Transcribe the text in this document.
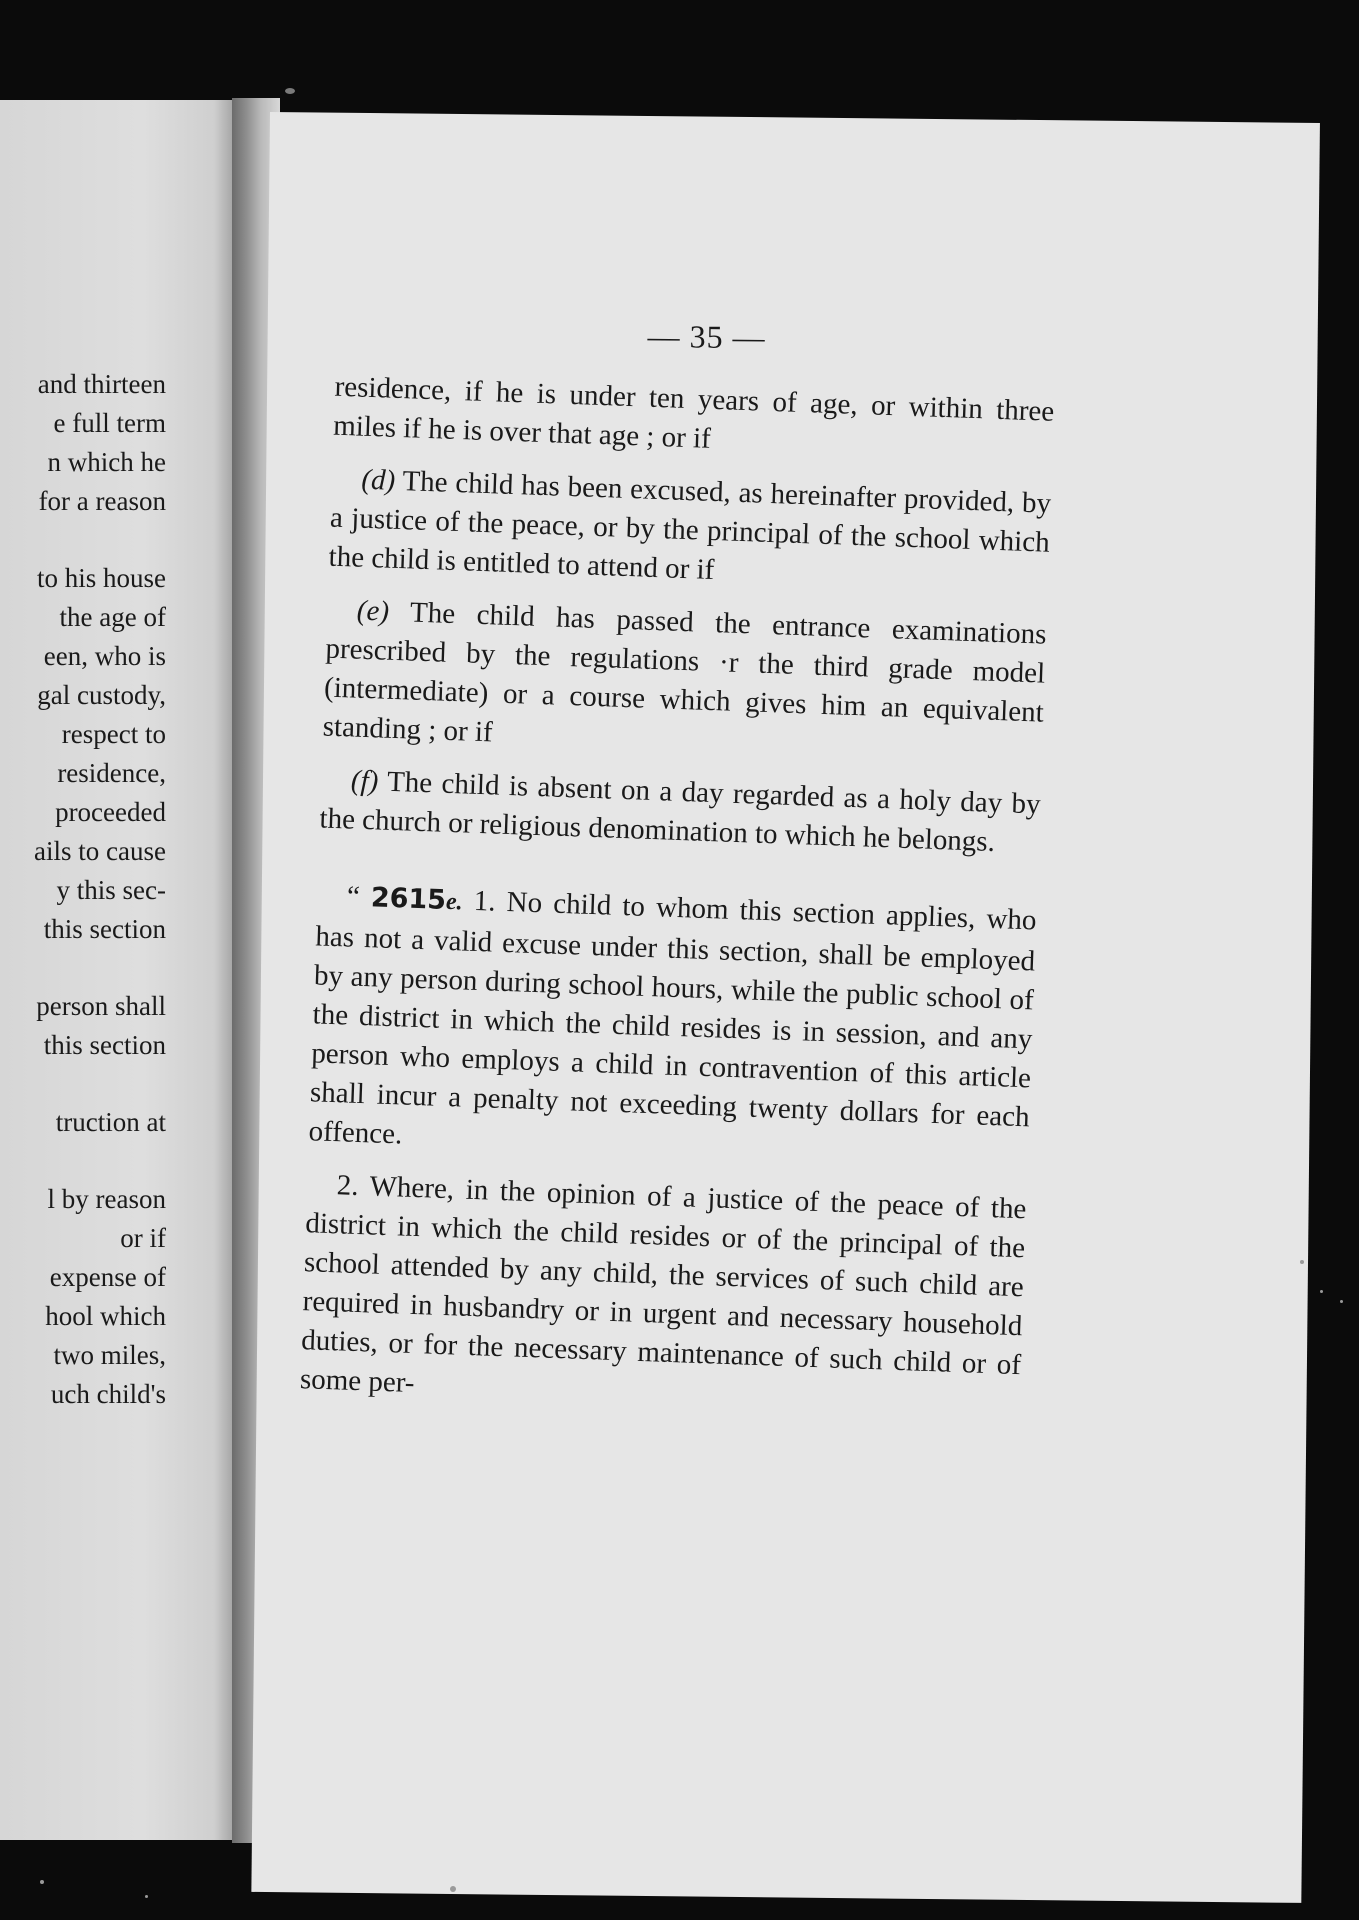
and thirteen
e full term
n which he
for a reason
to his house
the age of
een, who is
gal custody,
respect to
residence,
proceeded
ails to cause
y this sec-
this section
person shall
this section
truction at
l by reason
or if
expense of
hool which
two miles,
uch child's
— 35 —

residence, if he is under ten years of age, or within three miles if he is over that age ; or if

(d) The child has been excused, as hereinafter provided, by a justice of the peace, or by the principal of the school which the child is entitled to attend or if

(e) The child has passed the entrance examinations prescribed by the regulations ·r the third grade model (intermediate) or a course which gives him an equivalent standing ; or if

(f) The child is absent on a day regarded as a holy day by the church or religious denomination to which he belongs.

“ 2615e. 1. No child to whom this section applies, who has not a valid excuse under this section, shall be employed by any person during school hours, while the public school of the district in which the child resides is in session, and any person who employs a child in contravention of this article shall incur a penalty not exceeding twenty dollars for each offence.

2. Where, in the opinion of a justice of the peace of the district in which the child resides or of the principal of the school attended by any child, the services of such child are required in husbandry or in urgent and necessary household duties, or for the necessary maintenance of such child or of some per-
